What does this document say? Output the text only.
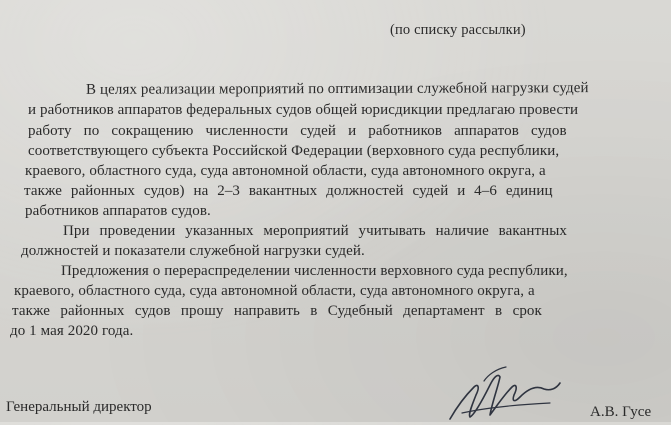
(по списку рассылки)
В целях реализации мероприятий по оптимизации служебной нагрузки судей
и работников аппаратов федеральных судов общей юрисдикции предлагаю провести
работу по сокращению численности судей и работников аппаратов судов
соответствующего субъекта Российской Федерации (верховного суда республики,
краевого, областного суда, суда автономной области, суда автономного округа, а
также районных судов) на 2–3 вакантных должностей судей и 4–6 единиц
работников аппаратов судов.
При проведении указанных мероприятий учитывать наличие вакантных
должностей и показатели служебной нагрузки судей.
Предложения о перераспределении численности верховного суда республики,
краевого, областного суда, суда автономной области, суда автономного округа, а
также районных судов прошу направить в Судебный департамент в срок
до 1 мая 2020 года.
Генеральный директор	А.В. Гусе
